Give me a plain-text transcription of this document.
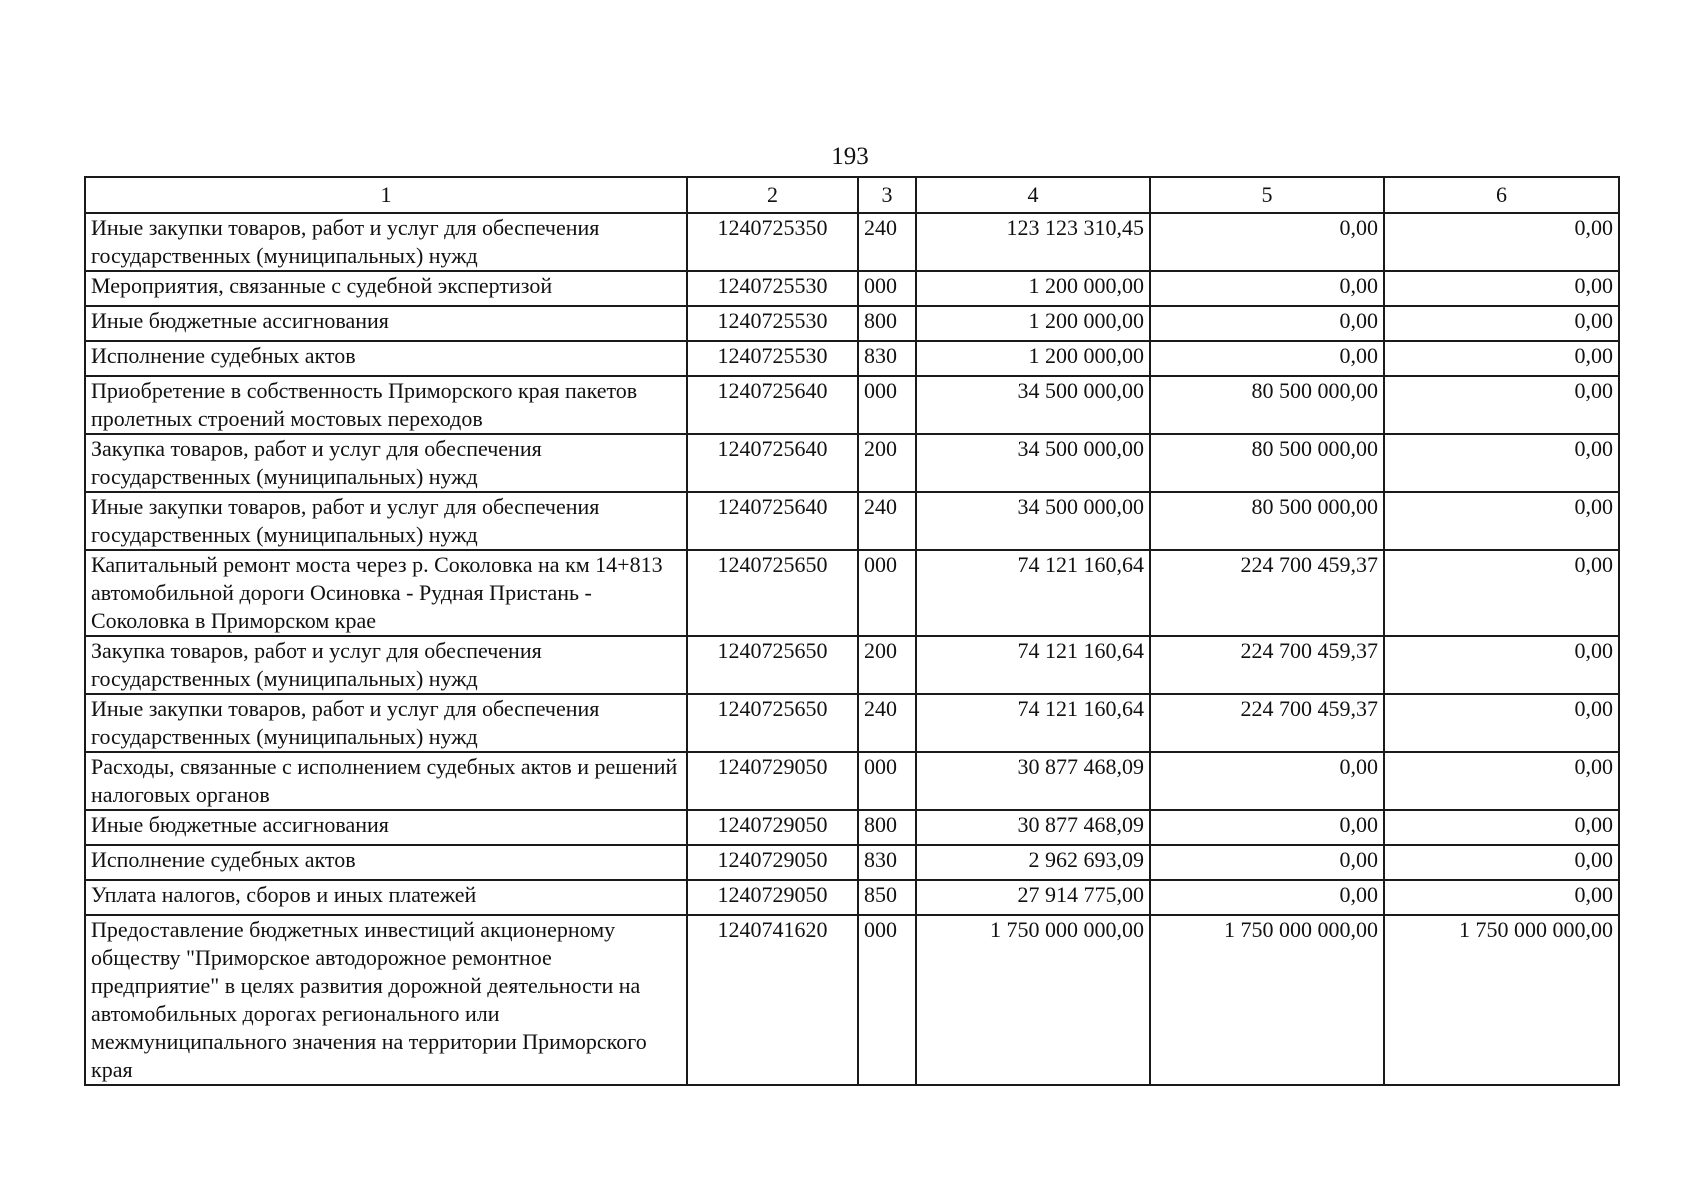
193
1	2	3	4	5	6
Иные закупки товаров, работ и услуг для обеспечения государственных (муниципальных) нужд	1240725350	240	123 123 310,45	0,00	0,00
Мероприятия, связанные с судебной экспертизой	1240725530	000	1 200 000,00	0,00	0,00
Иные бюджетные ассигнования	1240725530	800	1 200 000,00	0,00	0,00
Исполнение судебных актов	1240725530	830	1 200 000,00	0,00	0,00
Приобретение в собственность Приморского края пакетов пролетных строений мостовых переходов	1240725640	000	34 500 000,00	80 500 000,00	0,00
Закупка товаров, работ и услуг для обеспечения государственных (муниципальных) нужд	1240725640	200	34 500 000,00	80 500 000,00	0,00
Иные закупки товаров, работ и услуг для обеспечения государственных (муниципальных) нужд	1240725640	240	34 500 000,00	80 500 000,00	0,00
Капитальный ремонт моста через р. Соколовка на км 14+813 автомобильной дороги Осиновка - Рудная Пристань - Соколовка в Приморском крае	1240725650	000	74 121 160,64	224 700 459,37	0,00
Закупка товаров, работ и услуг для обеспечения государственных (муниципальных) нужд	1240725650	200	74 121 160,64	224 700 459,37	0,00
Иные закупки товаров, работ и услуг для обеспечения государственных (муниципальных) нужд	1240725650	240	74 121 160,64	224 700 459,37	0,00
Расходы, связанные с исполнением судебных актов и решений налоговых органов	1240729050	000	30 877 468,09	0,00	0,00
Иные бюджетные ассигнования	1240729050	800	30 877 468,09	0,00	0,00
Исполнение судебных актов	1240729050	830	2 962 693,09	0,00	0,00
Уплата налогов, сборов и иных платежей	1240729050	850	27 914 775,00	0,00	0,00
Предоставление бюджетных инвестиций акционерному обществу "Приморское автодорожное ремонтное предприятие" в целях развития дорожной деятельности на автомобильных дорогах регионального или межмуниципального значения на территории Приморского края	1240741620	000	1 750 000 000,00	1 750 000 000,00	1 750 000 000,00
